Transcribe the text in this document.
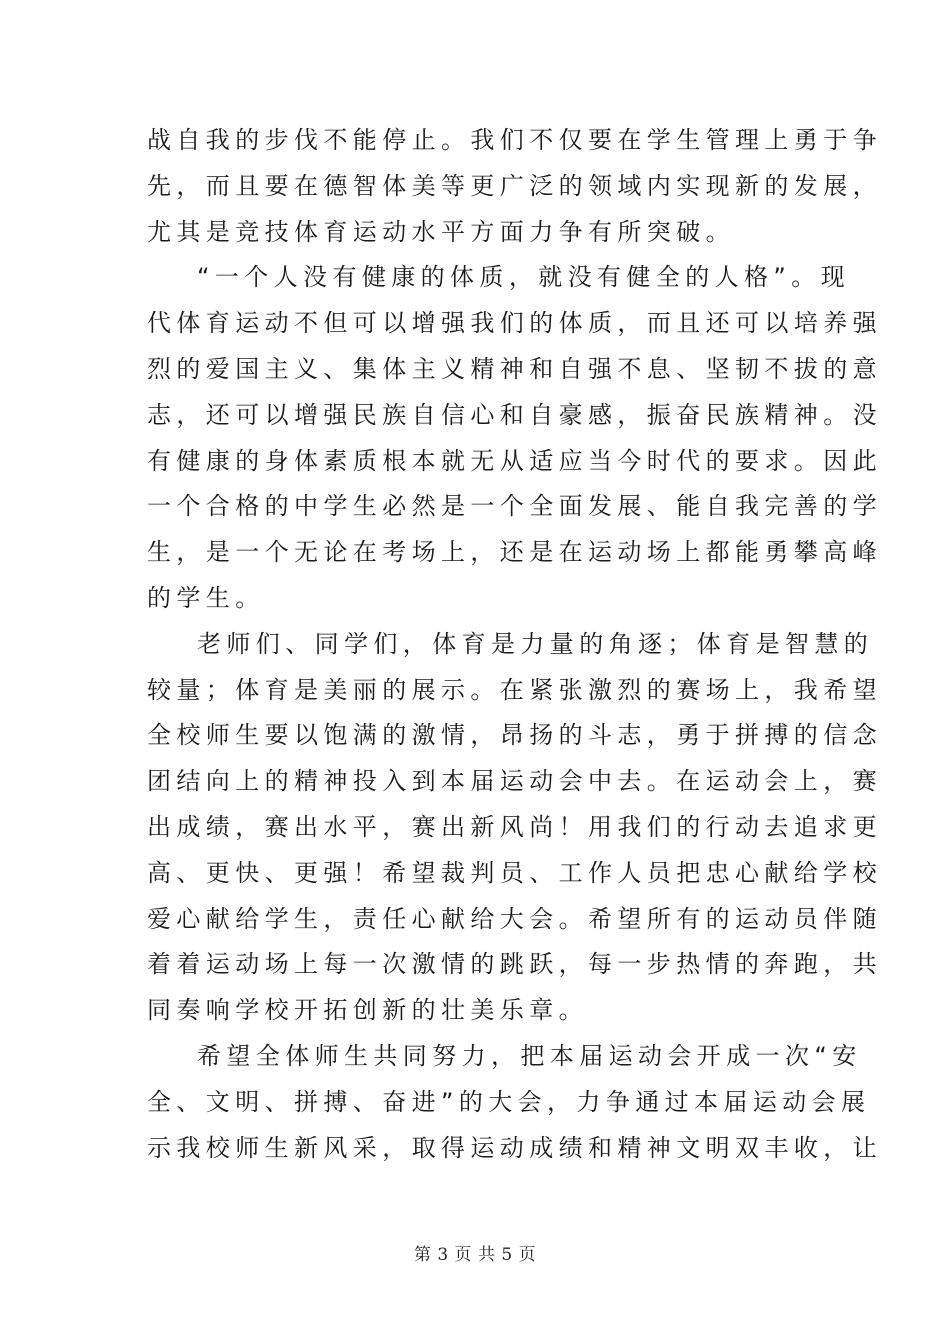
战自我的步伐不能停止。我们不仅要在学生管理上勇于争
先，而且要在德智体美等更广泛的领域内实现新的发展，
尤其是竞技体育运动水平方面力争有所突破。
“一个人没有健康的体质，就没有健全的人格”。现
代体育运动不但可以增强我们的体质，而且还可以培养强
烈的爱国主义、集体主义精神和自强不息、坚韧不拔的意
志，还可以增强民族自信心和自豪感，振奋民族精神。没
有健康的身体素质根本就无从适应当今时代的要求。因此
一个合格的中学生必然是一个全面发展、能自我完善的学
生，是一个无论在考场上，还是在运动场上都能勇攀高峰
的学生。
老师们、同学们，体育是力量的角逐；体育是智慧的
较量；体育是美丽的展示。在紧张激烈的赛场上，我希望
全校师生要以饱满的激情，昂扬的斗志，勇于拼搏的信念
团结向上的精神投入到本届运动会中去。在运动会上，赛
出成绩，赛出水平，赛出新风尚！用我们的行动去追求更
高、更快、更强！希望裁判员、工作人员把忠心献给学校
爱心献给学生，责任心献给大会。希望所有的运动员伴随
着着运动场上每一次激情的跳跃，每一步热情的奔跑，共
同奏响学校开拓创新的壮美乐章。
希望全体师生共同努力，把本届运动会开成一次“安
全、文明、拼搏、奋进”的大会，力争通过本届运动会展
示我校师生新风采，取得运动成绩和精神文明双丰收，让
第 3 页 共 5 页
